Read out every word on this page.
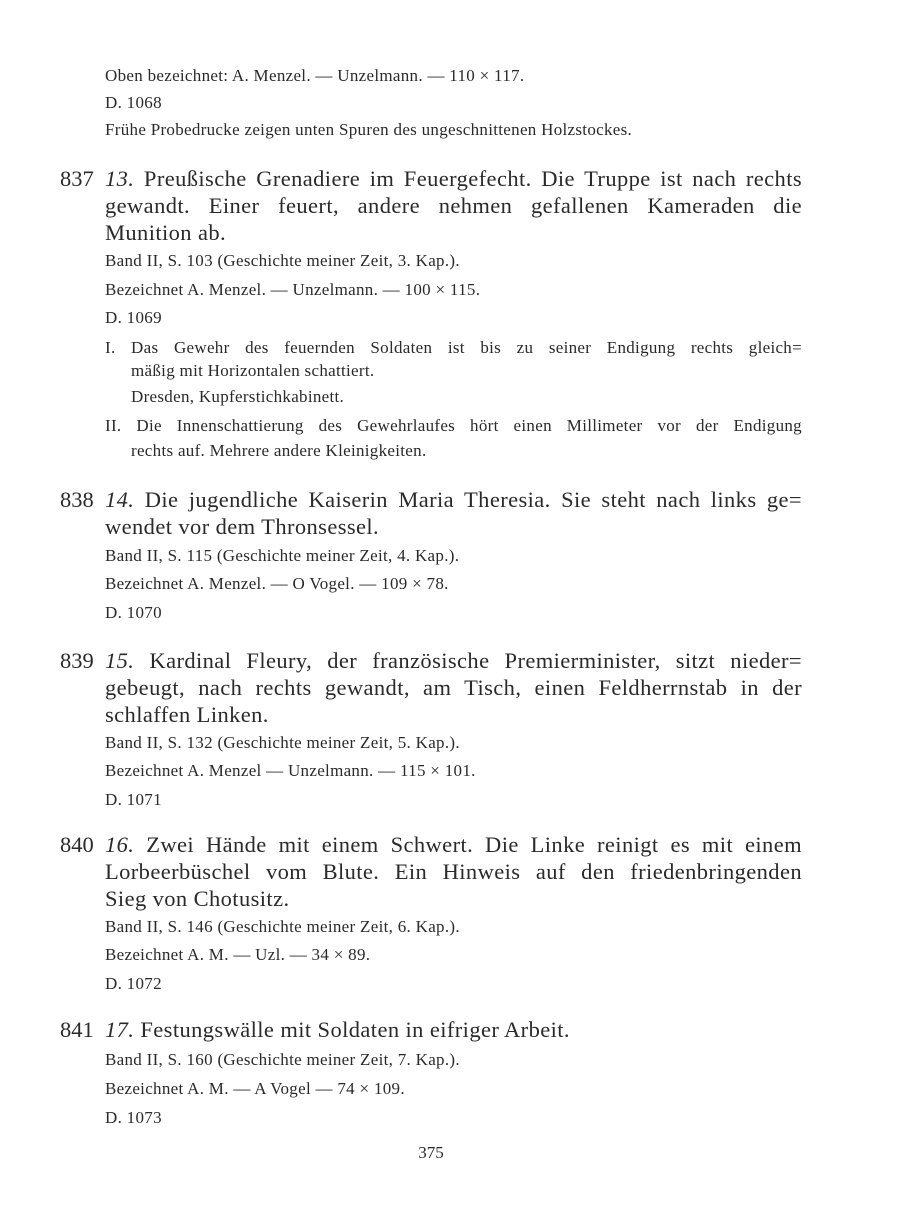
Oben bezeichnet: A. Menzel. — Unzelmann. — 110 × 117.
D. 1068
Frühe Probedrucke zeigen unten Spuren des ungeschnittenen Holzstockes.
837 13. Preußische Grenadiere im Feuergefecht. Die Truppe ist nach rechts
gewandt. Einer feuert, andere nehmen gefallenen Kameraden die
Munition ab.
Band II, S. 103 (Geschichte meiner Zeit, 3. Kap.).
Bezeichnet A. Menzel. — Unzelmann. — 100 × 115.
D. 1069
I. Das Gewehr des feuernden Soldaten ist bis zu seiner Endigung rechts gleich=
mäßig mit Horizontalen schattiert.
Dresden, Kupferstichkabinett.
II. Die Innenschattierung des Gewehrlaufes hört einen Millimeter vor der Endigung
rechts auf. Mehrere andere Kleinigkeiten.
838 14. Die jugendliche Kaiserin Maria Theresia. Sie steht nach links ge=
wendet vor dem Thronsessel.
Band II, S. 115 (Geschichte meiner Zeit, 4. Kap.).
Bezeichnet A. Menzel. — O Vogel. — 109 × 78.
D. 1070
839 15. Kardinal Fleury, der französische Premierminister, sitzt nieder=
gebeugt, nach rechts gewandt, am Tisch, einen Feldherrnstab in der
schlaffen Linken.
Band II, S. 132 (Geschichte meiner Zeit, 5. Kap.).
Bezeichnet A. Menzel — Unzelmann. — 115 × 101.
D. 1071
840 16. Zwei Hände mit einem Schwert. Die Linke reinigt es mit einem
Lorbeerbüschel vom Blute. Ein Hinweis auf den friedenbringenden
Sieg von Chotusitz.
Band II, S. 146 (Geschichte meiner Zeit, 6. Kap.).
Bezeichnet A. M. — Uzl. — 34 × 89.
D. 1072
841 17. Festungswälle mit Soldaten in eifriger Arbeit.
Band II, S. 160 (Geschichte meiner Zeit, 7. Kap.).
Bezeichnet A. M. — A Vogel — 74 × 109.
D. 1073
375
